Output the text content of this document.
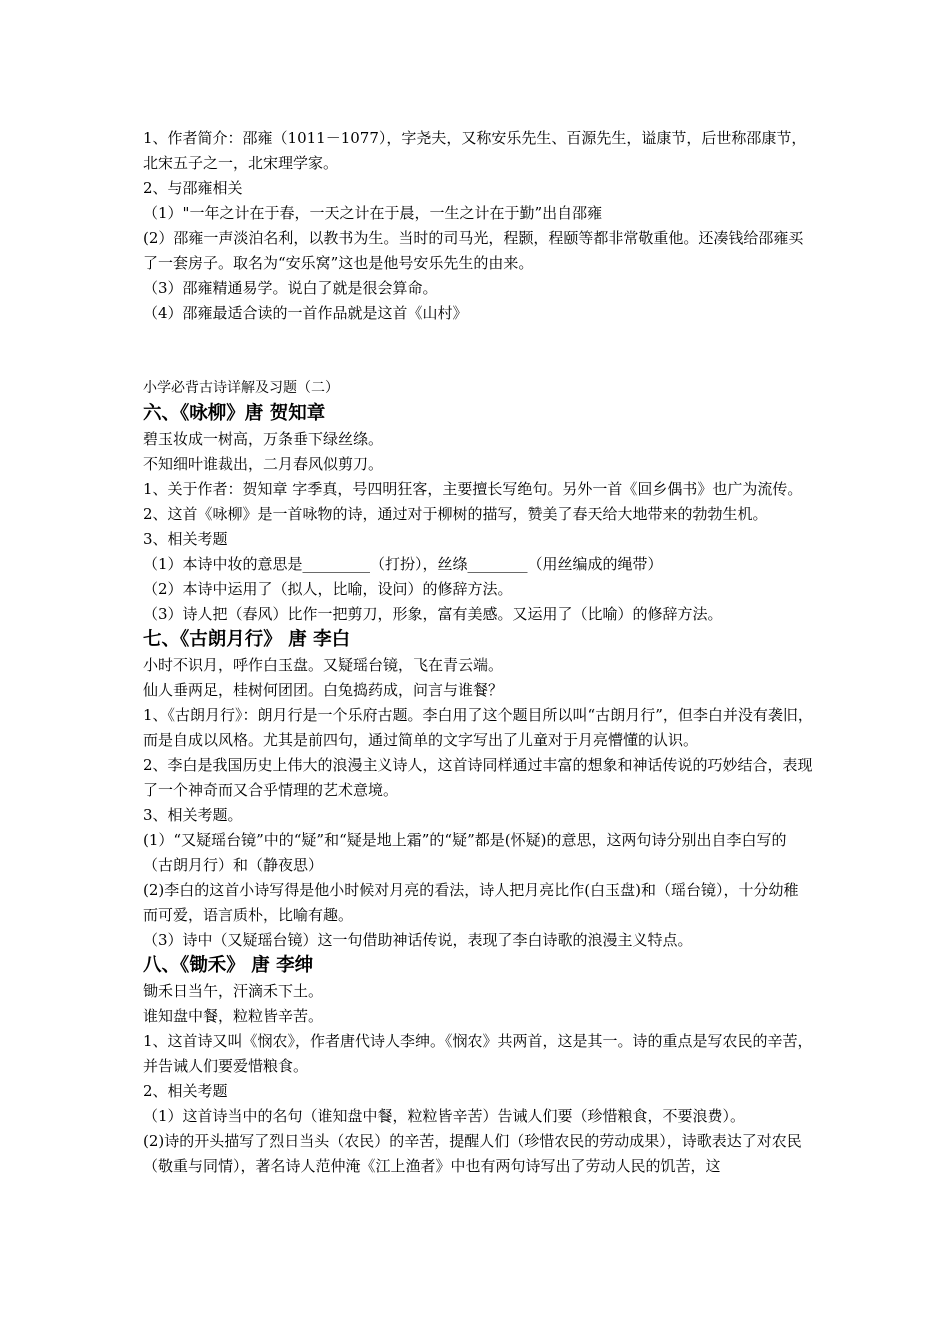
1、作者简介：邵雍（1011－1077），字尧夫，又称安乐先生、百源先生，谥康节，后世称邵康节，北宋五子之一，北宋理学家。
2、与邵雍相关
（1）"一年之计在于春，一天之计在于晨，一生之计在于勤”出自邵雍
(2）邵雍一声淡泊名利，以教书为生。当时的司马光，程颢，程颐等都非常敬重他。还凑钱给邵雍买了一套房子。取名为“安乐窝”这也是他号安乐先生的由来。
（3）邵雍精通易学。说白了就是很会算命。
（4）邵雍最适合读的一首作品就是这首《山村》
小学必背古诗详解及习题（二）
六、《咏柳》唐 贺知章
碧玉妆成一树高，万条垂下绿丝绦。
不知细叶谁裁出，二月春风似剪刀。
1、关于作者：贺知章 字季真，号四明狂客，主要擅长写绝句。另外一首《回乡偶书》也广为流传。
2、这首《咏柳》是一首咏物的诗，通过对于柳树的描写，赞美了春天给大地带来的勃勃生机。
3、相关考题
（1）本诗中妆的意思是_________（打扮），丝绦________（用丝编成的绳带）
（2）本诗中运用了（拟人，比喻，设问）的修辞方法。
（3）诗人把（春风）比作一把剪刀，形象，富有美感。又运用了（比喻）的修辞方法。
七、《古朗月行》 唐 李白
小时不识月，呼作白玉盘。又疑瑶台镜，飞在青云端。
仙人垂两足，桂树何团团。白兔捣药成，问言与谁餐？
1、《古朗月行》：朗月行是一个乐府古题。李白用了这个题目所以叫“古朗月行”，但李白并没有袭旧，而是自成以风格。尤其是前四句，通过简单的文字写出了儿童对于月亮懵懂的认识。
2、李白是我国历史上伟大的浪漫主义诗人，这首诗同样通过丰富的想象和神话传说的巧妙结合，表现了一个神奇而又合乎情理的艺术意境。
3、相关考题。
(1）“又疑瑶台镜”中的“疑”和“疑是地上霜”的“疑”都是(怀疑)的意思，这两句诗分别出自李白写的（古朗月行）和（静夜思）
(2)李白的这首小诗写得是他小时候对月亮的看法，诗人把月亮比作(白玉盘)和（瑶台镜），十分幼稚而可爱，语言质朴，比喻有趣。
（3）诗中（又疑瑶台镜）这一句借助神话传说，表现了李白诗歌的浪漫主义特点。
八、《锄禾》 唐 李绅
锄禾日当午，汗滴禾下土。
谁知盘中餐，粒粒皆辛苦。
1、这首诗又叫《悯农》，作者唐代诗人李绅。《悯农》共两首，这是其一。诗的重点是写农民的辛苦，并告诫人们要爱惜粮食。
2、相关考题
（1）这首诗当中的名句（谁知盘中餐，粒粒皆辛苦）告诫人们要（珍惜粮食，不要浪费）。
(2)诗的开头描写了烈日当头（农民）的辛苦，提醒人们（珍惜农民的劳动成果），诗歌表达了对农民（敬重与同情），著名诗人范仲淹《江上渔者》中也有两句诗写出了劳动人民的饥苦，这
